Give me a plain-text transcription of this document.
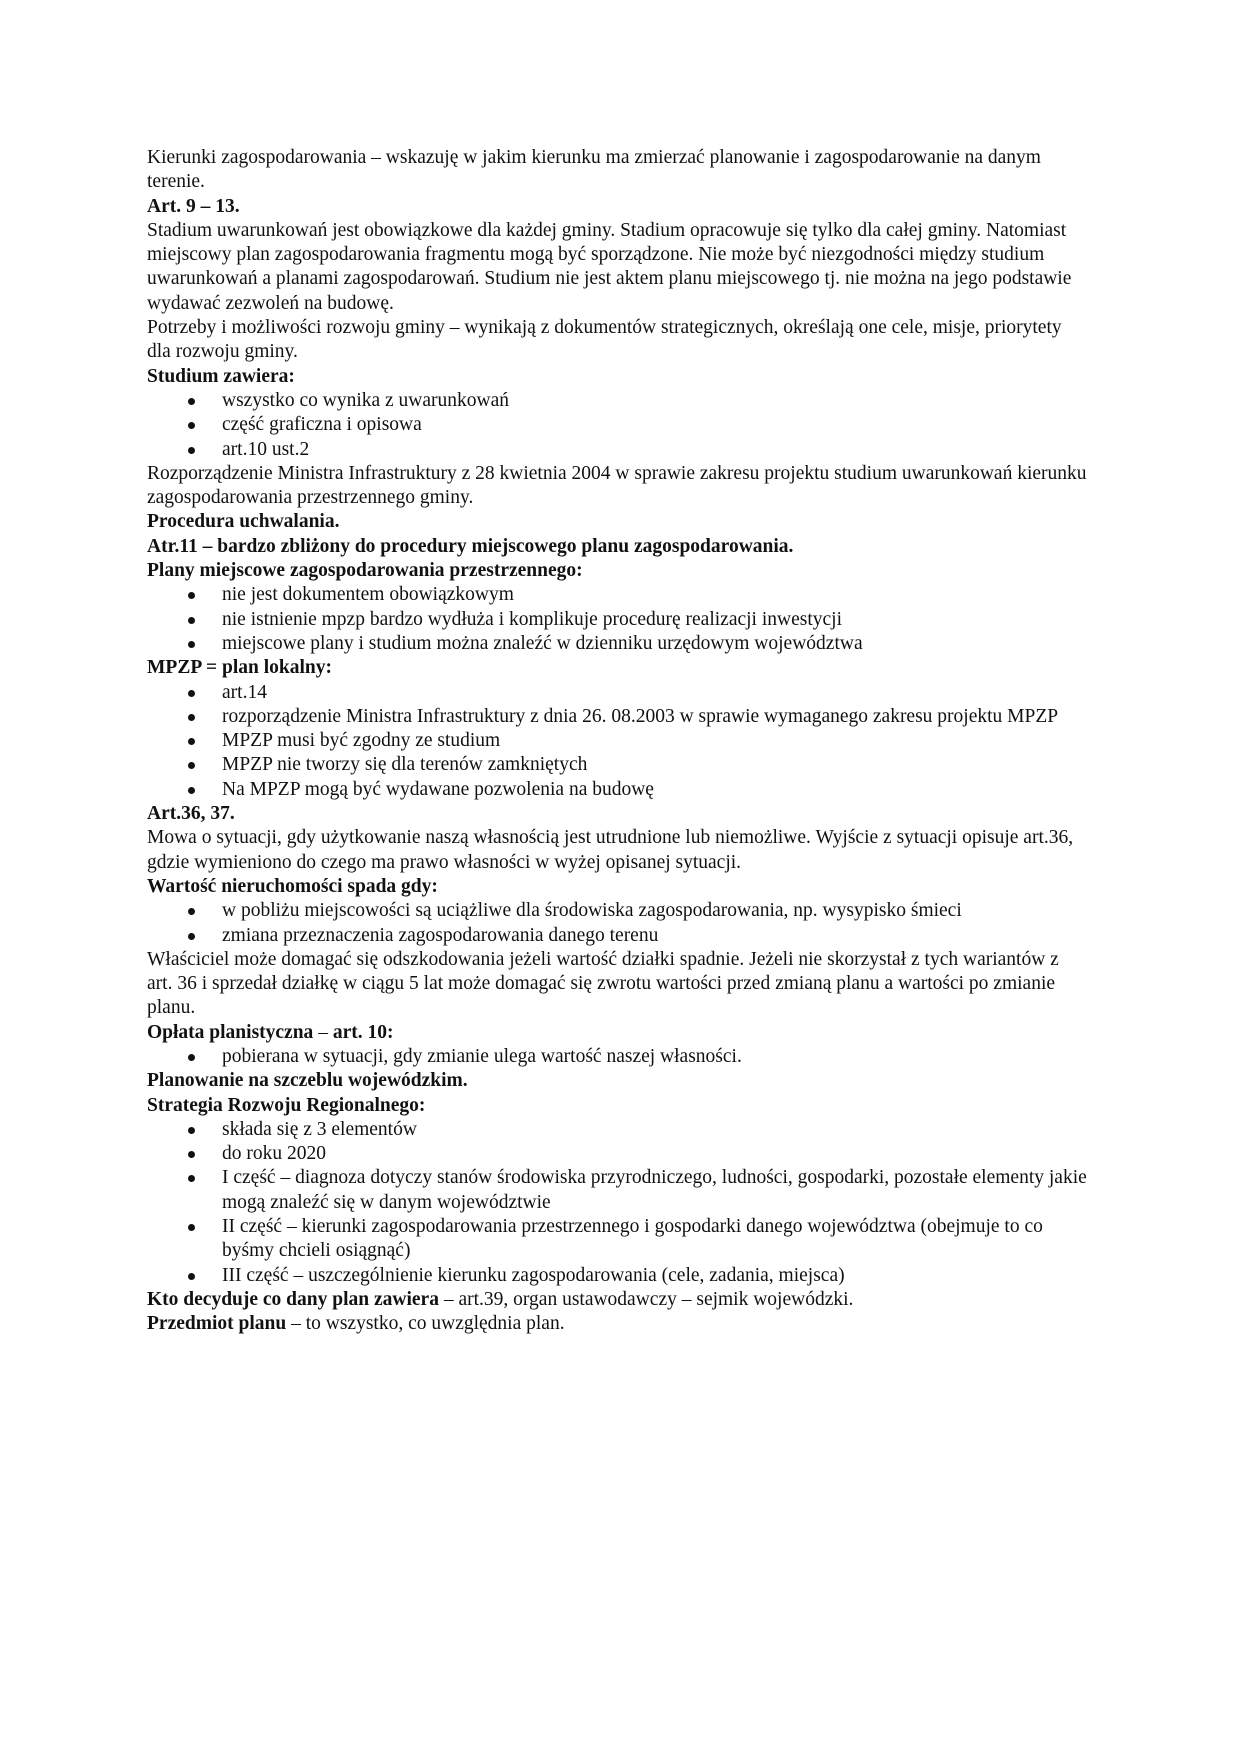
Kierunki zagospodarowania – wskazuję w jakim kierunku ma zmierzać planowanie i zagospodarowanie na danym terenie.

Art. 9 – 13.

Stadium uwarunkowań jest obowiązkowe dla każdej gminy. Stadium opracowuje się tylko dla całej gminy. Natomiast miejscowy plan zagospodarowania fragmentu mogą być sporządzone. Nie może być niezgodności między studium uwarunkowań a planami zagospodarowań. Studium nie jest aktem planu miejscowego tj. nie można na jego podstawie wydawać zezwoleń na budowę.

Potrzeby i możliwości rozwoju gminy – wynikają z dokumentów strategicznych, określają one cele, misje, priorytety dla rozwoju gminy.

Studium zawiera:

wszystko co wynika z uwarunkowań
część graficzna i opisowa
art.10 ust.2

Rozporządzenie Ministra Infrastruktury z 28 kwietnia 2004 w sprawie zakresu projektu studium uwarunkowań kierunku zagospodarowania przestrzennego gminy.

Procedura uchwalania.

Atr.11 – bardzo zbliżony do procedury miejscowego planu zagospodarowania.

Plany miejscowe zagospodarowania przestrzennego:

nie jest dokumentem obowiązkowym
nie istnienie mpzp bardzo wydłuża i komplikuje procedurę realizacji inwestycji
miejscowe plany i studium można znaleźć w dzienniku urzędowym województwa

MPZP = plan lokalny:

art.14
rozporządzenie Ministra Infrastruktury z dnia 26. 08.2003 w sprawie wymaganego zakresu projektu MPZP
MPZP musi być zgodny ze studium
MPZP nie tworzy się dla terenów zamkniętych
Na MPZP mogą być wydawane pozwolenia na budowę

Art.36, 37.

Mowa o sytuacji, gdy użytkowanie naszą własnością jest utrudnione lub niemożliwe. Wyjście z sytuacji opisuje art.36, gdzie wymieniono do czego ma prawo własności w wyżej opisanej sytuacji.

Wartość nieruchomości spada gdy:

w pobliżu miejscowości są uciążliwe dla środowiska zagospodarowania, np. wysypisko śmieci
zmiana przeznaczenia zagospodarowania danego terenu

Właściciel może domagać się odszkodowania jeżeli wartość działki spadnie. Jeżeli nie skorzystał z tych wariantów z art. 36 i sprzedał działkę w ciągu 5 lat może domagać się zwrotu wartości przed zmianą planu a wartości po zmianie planu.

Opłata planistyczna – art. 10:

pobierana w sytuacji, gdy zmianie ulega wartość naszej własności.

Planowanie na szczeblu wojewódzkim.

Strategia Rozwoju Regionalnego:

składa się z 3 elementów
do roku 2020
I część – diagnoza dotyczy stanów środowiska przyrodniczego, ludności, gospodarki, pozostałe elementy jakie mogą znaleźć się w danym województwie
II część – kierunki zagospodarowania przestrzennego i gospodarki danego województwa (obejmuje to co byśmy chcieli osiągnąć)
III część – uszczególnienie kierunku zagospodarowania (cele, zadania, miejsca)

Kto decyduje co dany plan zawiera – art.39, organ ustawodawczy – sejmik wojewódzki.

Przedmiot planu – to wszystko, co uwzględnia plan.
